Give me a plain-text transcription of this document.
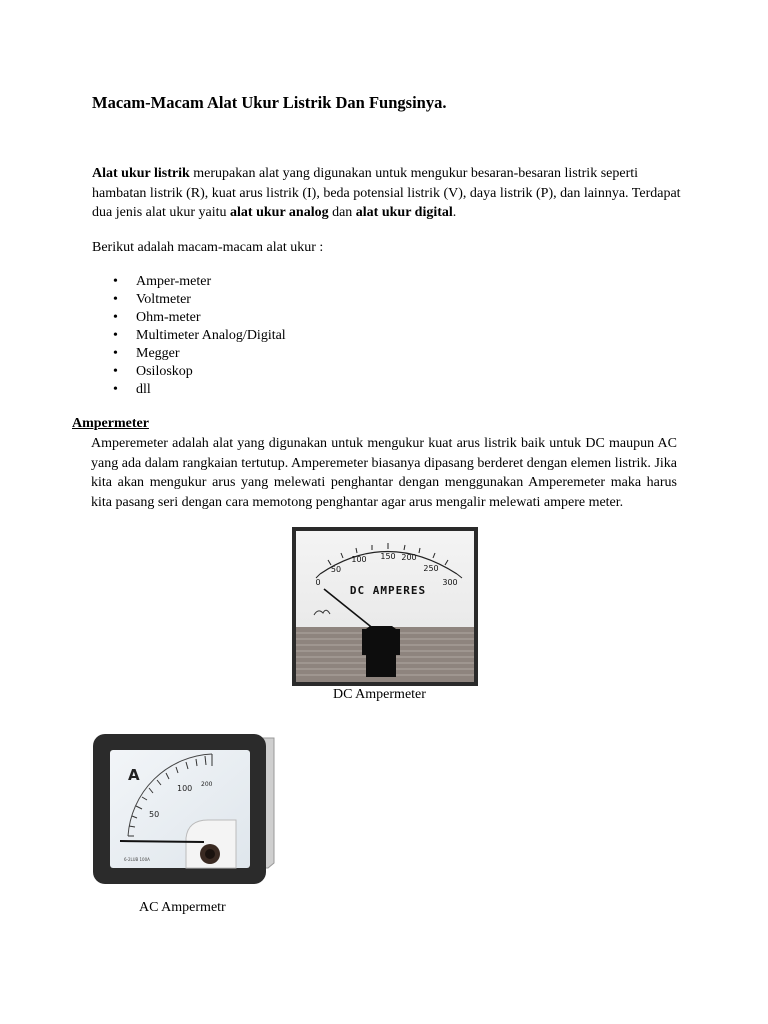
Macam-Macam Alat Ukur Listrik Dan Fungsinya.

Alat ukur listrik merupakan alat yang digunakan untuk mengukur besaran-besaran listrik seperti hambatan listrik (R), kuat arus listrik (I), beda potensial listrik (V), daya listrik (P), dan lainnya. Terdapat dua jenis alat ukur yaitu alat ukur analog dan alat ukur digital.

Berikut adalah macam-macam alat ukur :

• Amper-meter
• Voltmeter
• Ohm-meter
• Multimeter Analog/Digital
• Megger
• Osiloskop
• dll
Ampermeter

Amperemeter adalah alat yang digunakan untuk mengukur kuat arus listrik baik untuk DC maupun AC yang ada dalam rangkaian tertutup. Amperemeter biasanya dipasang berderet dengan elemen listrik. Jika kita akan mengukur arus yang melewati penghantar dengan menggunakan Amperemeter maka harus kita pasang seri dengan cara memotong penghantar agar arus mengalir melewati ampere meter.

0
50
100 150 200
250
300
DC AMPERES
DC Ampermeter
A
50
100 200
6-2LUB 100A
AC Ampermetr
